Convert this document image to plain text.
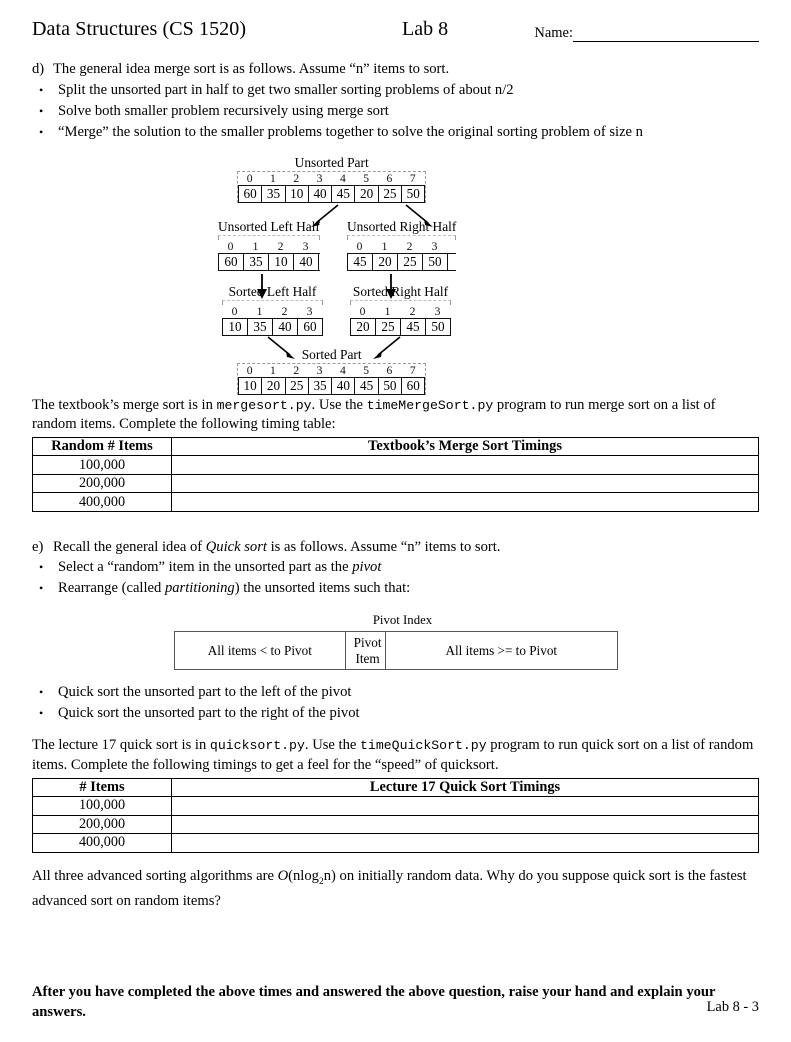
Data Structures (CS 1520)	Lab 8	Name:
d) The general idea merge sort is as follows. Assume “n” items to sort.
•	Split the unsorted part in half to get two smaller sorting problems of about n/2
•	Solve both smaller problem recursively using merge sort
•	“Merge” the solution to the smaller problems together to solve the original sorting problem of size n
Unsorted Part
0	1	2	3	4	5	6	7
60 35 10 40 45 20 25 50
Unsorted Left Half
0	1	2	3
60 35 10 40
Unsorted Right Half
0	1	2	3
45 20 25 50
Sorted Left Half
0	1	2	3
10 35 40 60
Sorted Right Half
0	1	2	3
20 25 45 50
Sorted Part
0	1	2	3	4	5	6	7
10 20 25 35 40 45 50 60

The textbook’s merge sort is in mergesort.py. Use the timeMergeSort.py program to run merge sort on a list of random items. Complete the following timing table:

Random # Items	Textbook’s Merge Sort Timings
100,000	
200,000	
400,000	
e) Recall the general idea of Quick sort is as follows. Assume “n” items to sort.
•	Select a “random” item in the unsorted part as the pivot
•	Rearrange (called partitioning) the unsorted items such that:
Pivot Index
All items < to Pivot	Pivot
Item	All items >= to Pivot
•	Quick sort the unsorted part to the left of the pivot
•	Quick sort the unsorted part to the right of the pivot

The lecture 17 quick sort is in quicksort.py. Use the timeQuickSort.py program to run quick sort on a list of random items. Complete the following timings to get a feel for the “speed” of quicksort.

# Items	Lecture 17 Quick Sort Timings
100,000	
200,000	
400,000	

All three advanced sorting algorithms are O(nlog$_2$n) on initially random data. Why do you suppose quick sort is the fastest advanced sort on random items?

After you have completed the above times and answered the above question, raise your hand and explain your answers.	Lab 8 - 3
